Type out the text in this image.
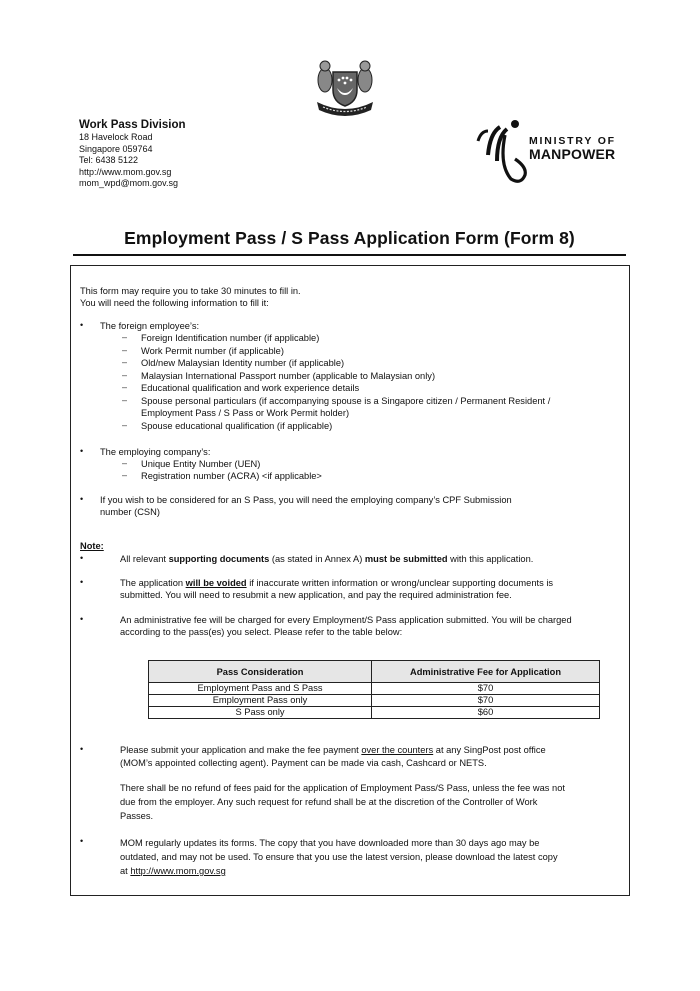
Work Pass Division
18 Havelock Road
Singapore 059764
Tel: 6438 5122
http://www.mom.gov.sg
mom_wpd@mom.gov.sg
MINISTRY OF
MANPOWER
Employment Pass / S Pass Application Form (Form 8)
This form may require you to take 30 minutes to fill in.
You will need the following information to fill it:
• The foreign employee’s:
– Foreign Identification number (if applicable)
– Work Permit number (if applicable)
– Old/new Malaysian Identity number (if applicable)
– Malaysian International Passport number (applicable to Malaysian only)
– Educational qualification and work experience details
– Spouse personal particulars (if accompanying spouse is a Singapore citizen / Permanent Resident /
Employment Pass / S Pass or Work Permit holder)
– Spouse educational qualification (if applicable)
• The employing company’s:
– Unique Entity Number (UEN)
– Registration number (ACRA) <if applicable>
• If you wish to be considered for an S Pass, you will need the employing company’s CPF Submission
number (CSN)
Note:
•	All relevant supporting documents (as stated in Annex A) must be submitted with this application.
•	The application will be voided if inaccurate written information or wrong/unclear supporting documents is
submitted. You will need to resubmit a new application, and pay the required administration fee.
•	An administrative fee will be charged for every Employment/S Pass application submitted. You will be charged
according to the pass(es) you select. Please refer to the table below:
Pass Consideration	Administrative Fee for Application
Employment Pass and S Pass	$70
Employment Pass only	$70
S Pass only	$60
•	Please submit your application and make the fee payment over the counters at any SingPost post office
(MOM’s appointed collecting agent). Payment can be made via cash, Cashcard or NETS.
There shall be no refund of fees paid for the application of Employment Pass/S Pass, unless the fee was not
due from the employer. Any such request for refund shall be at the discretion of the Controller of Work
Passes.
•	MOM regularly updates its forms. The copy that you have downloaded more than 30 days ago may be
outdated, and may not be used. To ensure that you use the latest version, please download the latest copy
at http://www.mom.gov.sg
